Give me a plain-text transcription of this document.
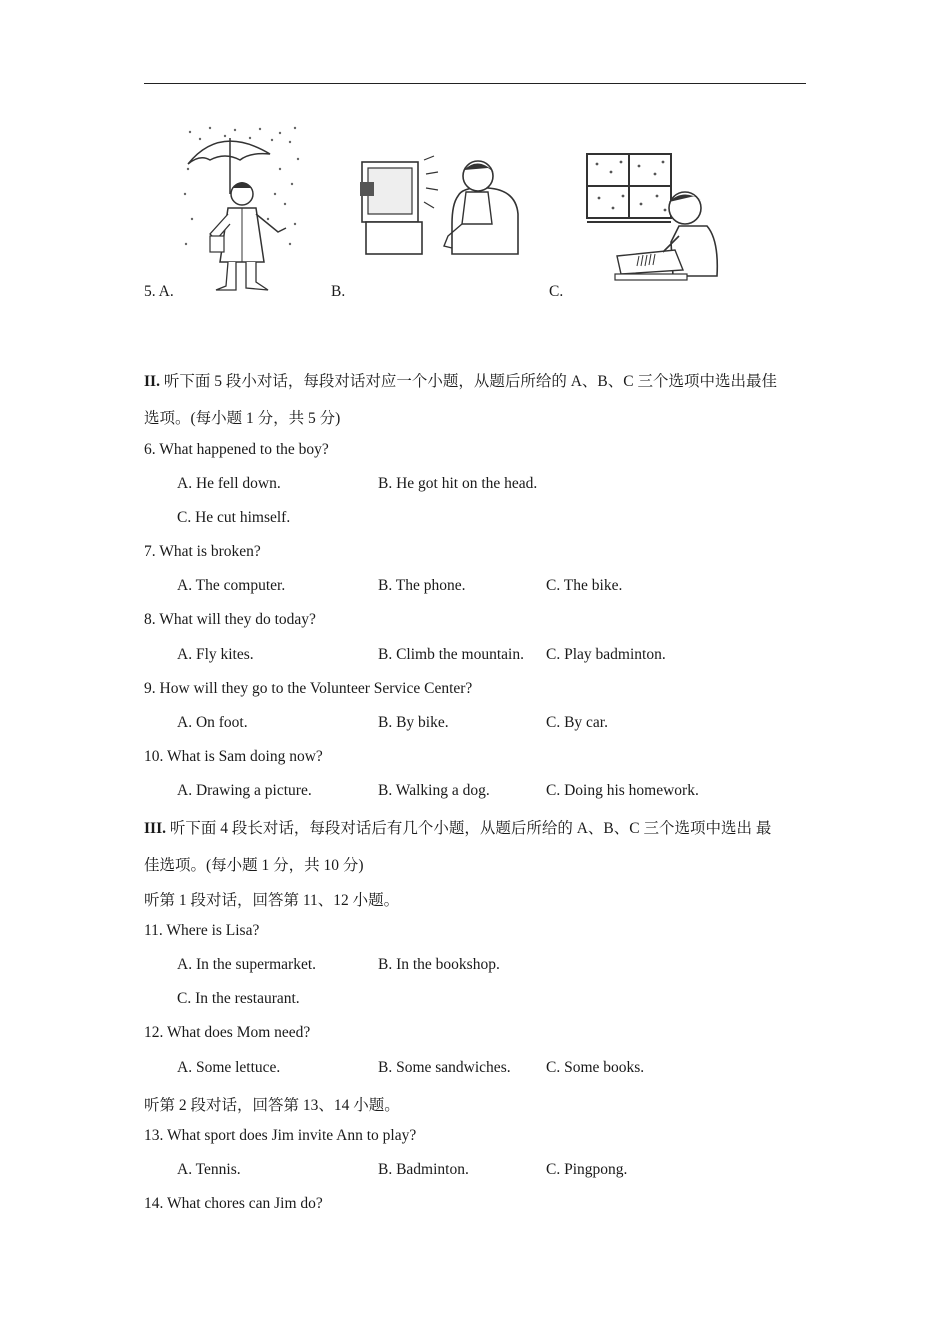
5. A.	B.	C.
II. 听下面 5 段小对话，每段对话对应一个小题，从题后所给的 A、B、C 三个选项中选出最佳
选项。(每小题 1 分，共 5 分)
6. What happened to the boy?
A. He fell down.	B. He got hit on the head.
C. He cut himself.
7. What is broken?
A. The computer.	B. The phone.	C. The bike.
8. What will they do today?
A. Fly kites.	B. Climb the mountain. C. Play badminton.
9. How will they go to the Volunteer Service Center?
A. On foot.	B. By bike.	C. By car.
10. What is Sam doing now?
A. Drawing a picture.	B. Walking a dog.	C. Doing his homework.
III. 听下面 4 段长对话，每段对话后有几个小题，从题后所给的 A、B、C 三个选项中选出 最
佳选项。(每小题 1 分，共 10 分)
听第 1 段对话，回答第 11、12 小题。
11. Where is Lisa?
A. In the supermarket.	B. In the bookshop.
C. In the restaurant.
12. What does Mom need?
A. Some lettuce.	B. Some sandwiches. C. Some books.
听第 2 段对话，回答第 13、14 小题。
13. What sport does Jim invite Ann to play?
A. Tennis.	B. Badminton.	C. Pingpong.
14. What chores can Jim do?
